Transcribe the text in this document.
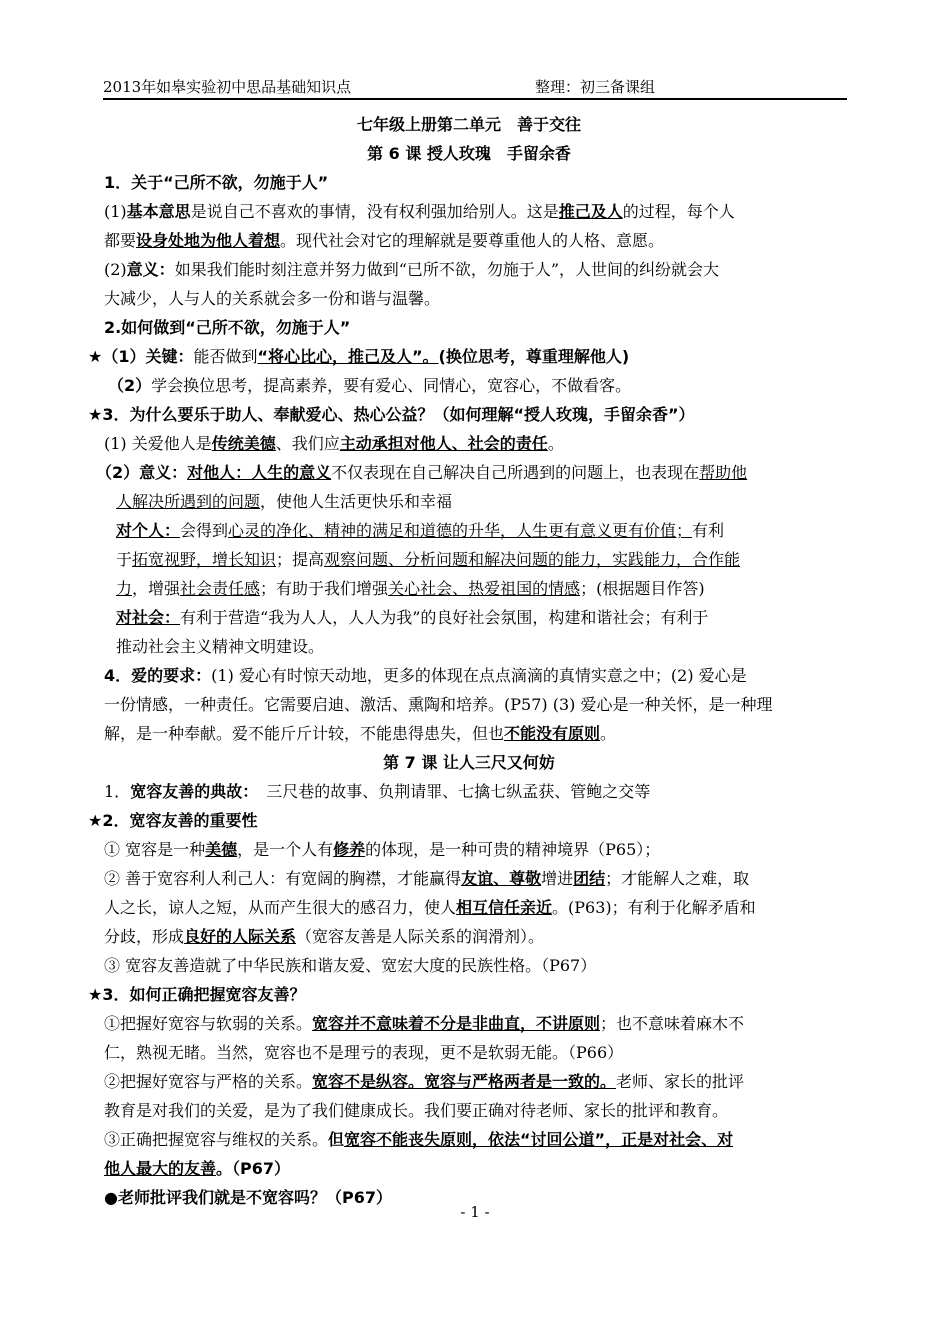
2013年如皋实验初中思品基础知识点	整理：初三备课组

七年级上册第二单元　善于交往

第 6 课 授人玫瑰　手留余香

1．关于“己所不欲，勿施于人”

(1)基本意思是说自己不喜欢的事情，没有权利强加给别人。这是推己及人的过程，每个人

都要设身处地为他人着想。现代社会对它的理解就是要尊重他人的人格、意愿。

(2)意义：如果我们能时刻注意并努力做到“已所不欲，勿施于人”，人世间的纠纷就会大

大减少，人与人的关系就会多一份和谐与温馨。

2.如何做到“己所不欲，勿施于人”

★（1）关键：能否做到“将心比心，推己及人”。(换位思考，尊重理解他人)

（2）学会换位思考，提高素养，要有爱心、同情心，宽容心，不做看客。

★3．为什么要乐于助人、奉献爱心、热心公益？（如何理解“授人玫瑰，手留余香”）

(1) 关爱他人是传统美德、我们应主动承担对他人、社会的责任。

（2）意义：对他人：人生的意义不仅表现在自己解决自己所遇到的问题上，也表现在帮助他

人解决所遇到的问题，使他人生活更快乐和幸福

对个人：会得到心灵的净化、精神的满足和道德的升华，人生更有意义更有价值；有利

于拓宽视野，增长知识；提高观察问题、分析问题和解决问题的能力，实践能力，合作能

力，增强社会责任感；有助于我们增强关心社会、热爱祖国的情感；(根据题目作答)

对社会：有利于营造“我为人人，人人为我”的良好社会氛围，构建和谐社会；有利于

推动社会主义精神文明建设。

4．爱的要求：(1) 爱心有时惊天动地，更多的体现在点点滴滴的真情实意之中；(2) 爱心是

一份情感，一种责任。它需要启迪、激活、熏陶和培养。(P57) (3) 爱心是一种关怀，是一种理

解，是一种奉献。爱不能斤斤计较，不能患得患失，但也不能没有原则。

第 7 课 让人三尺又何妨

1．宽容友善的典故：　三尺巷的故事、负荆请罪、七擒七纵孟获、管鲍之交等

★2．宽容友善的重要性

① 宽容是一种美德，是一个人有修养的体现，是一种可贵的精神境界（P65）；

② 善于宽容利人利己人：有宽阔的胸襟，才能赢得友谊、尊敬增进团结；才能解人之难，取

人之长，谅人之短，从而产生很大的感召力，使人相互信任亲近。(P63)；有利于化解矛盾和

分歧，形成良好的人际关系（宽容友善是人际关系的润滑剂）。

③ 宽容友善造就了中华民族和谐友爱、宽宏大度的民族性格。（P67）

★3．如何正确把握宽容友善？

①把握好宽容与软弱的关系。宽容并不意味着不分是非曲直，不讲原则；也不意味着麻木不

仁，熟视无睹。当然，宽容也不是理亏的表现，更不是软弱无能。（P66）

②把握好宽容与严格的关系。宽容不是纵容。宽容与严格两者是一致的。老师、家长的批评

教育是对我们的关爱，是为了我们健康成长。我们要正确对待老师、家长的批评和教育。

③正确把握宽容与维权的关系。但宽容不能丧失原则，依法“讨回公道”，正是对社会、对

他人最大的友善。（P67）

●老师批评我们就是不宽容吗？（P67）

- 1 -
